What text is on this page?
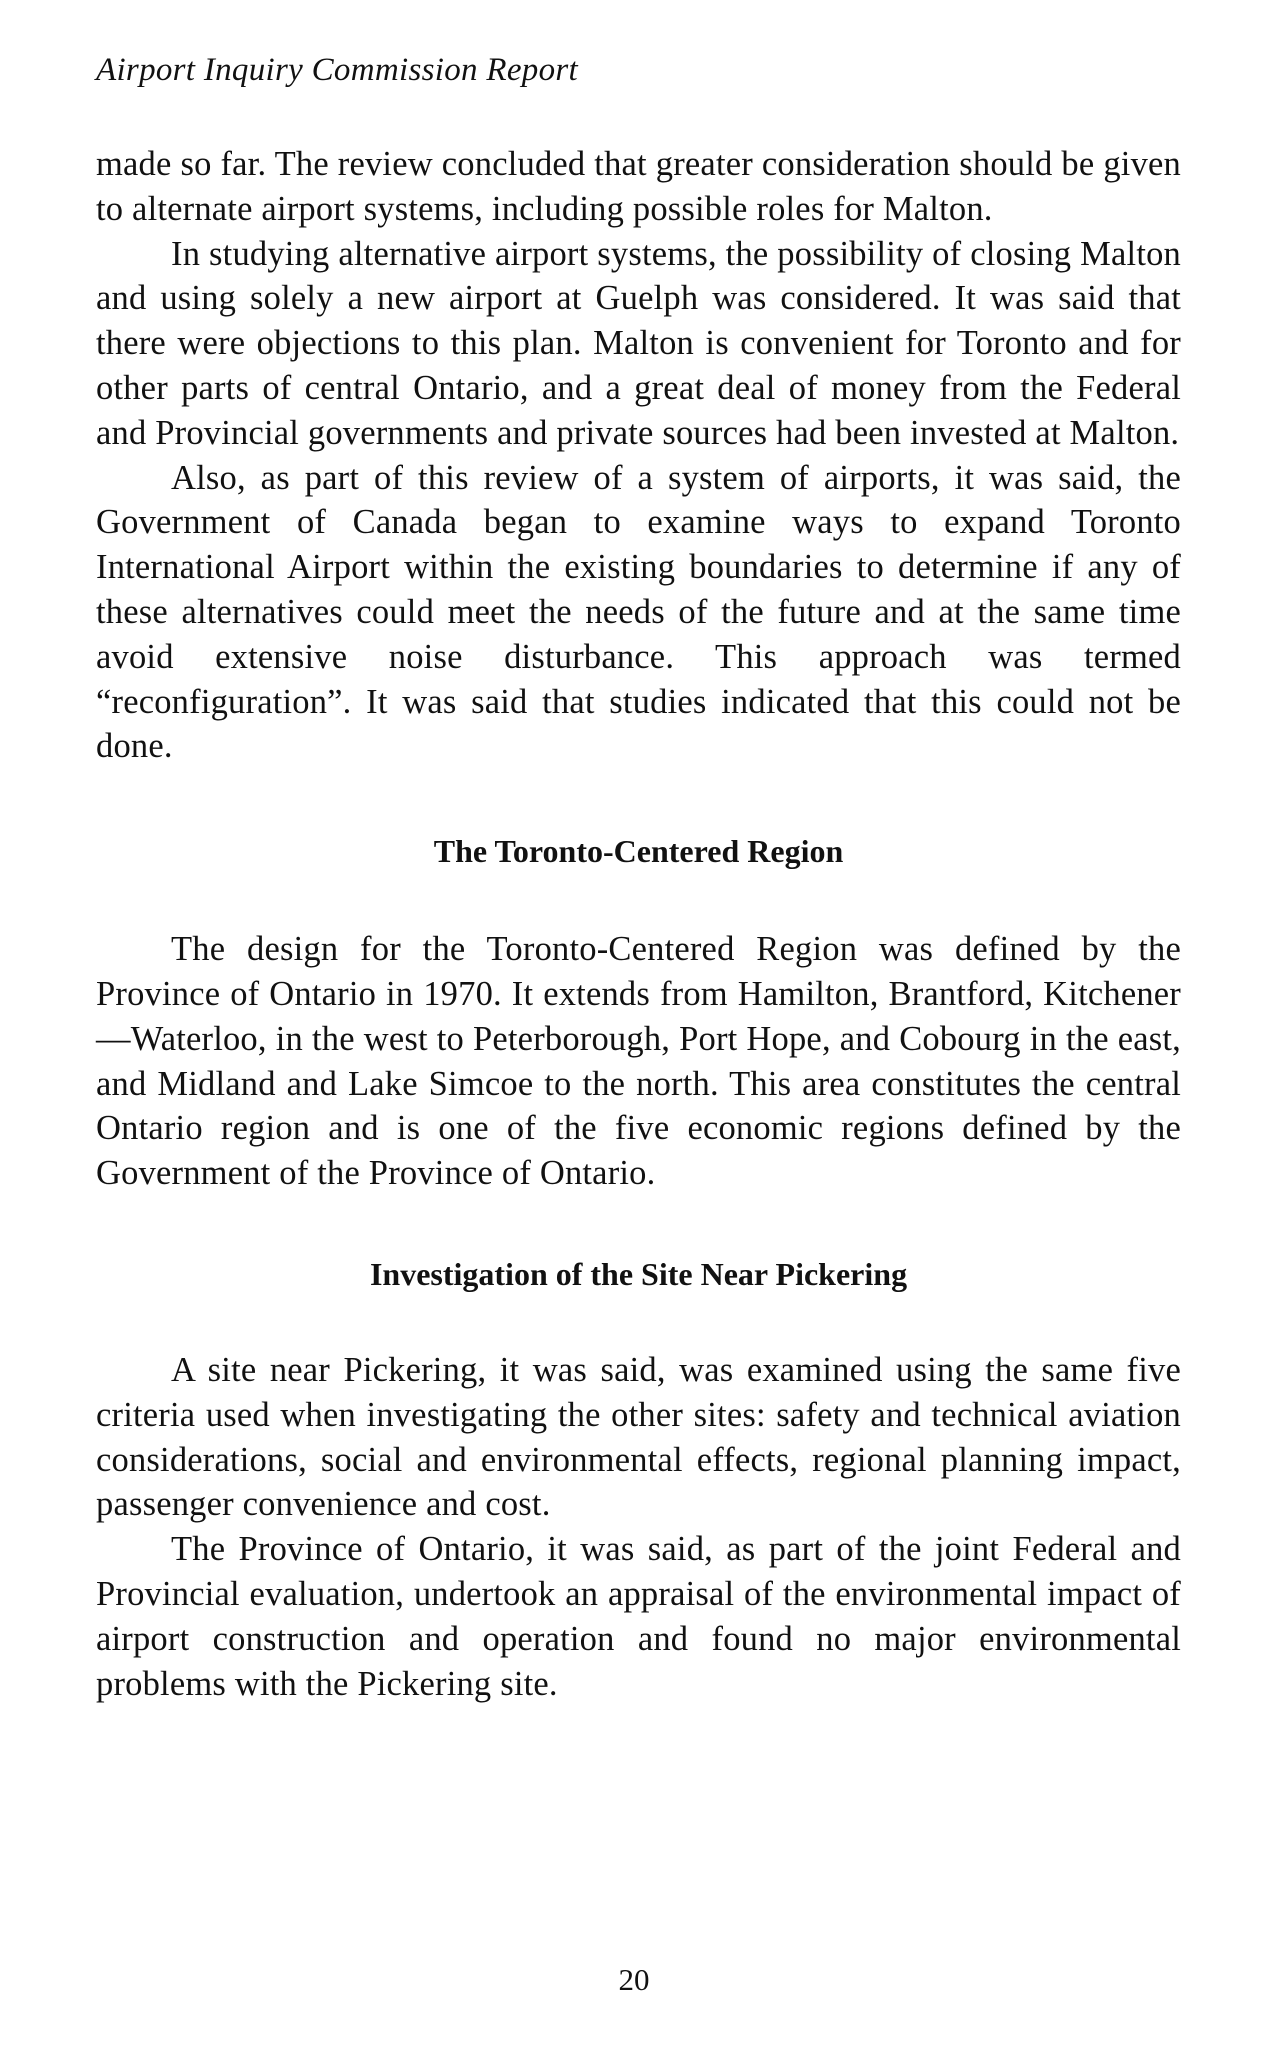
Airport Inquiry Commission Report

made so far. The review concluded that greater consideration should be given to alternate airport systems, including possible roles for Malton.

In studying alternative airport systems, the possibility of closing Malton and using solely a new airport at Guelph was considered. It was said that there were objections to this plan. Malton is convenient for Toronto and for other parts of central Ontario, and a great deal of money from the Federal and Provincial governments and private sources had been invested at Malton.

Also, as part of this review of a system of airports, it was said, the Government of Canada began to examine ways to expand Toronto International Airport within the existing boundaries to determine if any of these alternatives could meet the needs of the future and at the same time avoid extensive noise disturbance. This approach was termed “reconfiguration”. It was said that studies indicated that this could not be done.

The Toronto-Centered Region

The design for the Toronto-Centered Region was defined by the Province of Ontario in 1970. It extends from Hamilton, Brantford, Kitchener—Waterloo, in the west to Peterborough, Port Hope, and Cobourg in the east, and Midland and Lake Simcoe to the north. This area constitutes the central Ontario region and is one of the five economic regions defined by the Government of the Province of Ontario.

Investigation of the Site Near Pickering

A site near Pickering, it was said, was examined using the same five criteria used when investigating the other sites: safety and technical aviation considerations, social and environmental effects, regional planning impact, passenger convenience and cost.

The Province of Ontario, it was said, as part of the joint Federal and Provincial evaluation, undertook an appraisal of the environmental impact of airport construction and operation and found no major environmental problems with the Pickering site.

20
